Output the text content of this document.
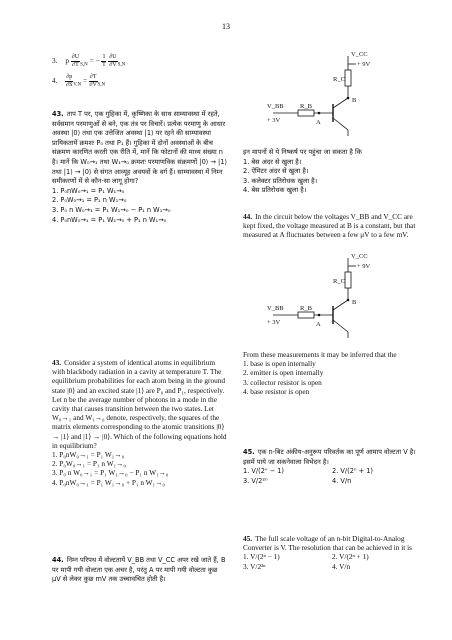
13
3. p $\frac{\partial U}{\partial T} _{S,N}$ = − $\frac{1}{T}$
$\frac{\partial U}{\partial V} _{S,N}$
4. $\frac{\partial p}{\partial S} _{V,N} = \frac{\partial T}{\partial V} _{S,N}$

43. ताप T पर, एक गुहिका में, कृष्णिका के साथ साम्यावस्था में रहते, सर्वसमान परमाणुओं से बने, एक तंत्र पर विचारें। प्रत्येक परमाणु के आधार अवस्था |0⟩ तथा एक उत्तेजित अवस्था |1⟩ पर रहने की साम्यावस्था प्रायिकतायें क्रमशः P₀ तथा P₁ हैं। गुहिका में दोनों अवस्थाओं के बीच संक्रमण कारणित करती एक रीति में, मानें कि फोटानों की माध्य संख्या n है। मानें कि W₀→₁ तथा W₁→₀ क्रमशः परमाणविक संक्रमणों |0⟩ → |1⟩ तथा |1⟩ → |0⟩ से संगत आव्यूह अवयवों के वर्ग हैं। साम्यावस्था में निम्न समीकरणों में से कौन-सा लागू होगा?

1. P₀nW₀→₁ = P₁ W₁→₀

2. P₀W₀→₁ = P₁ n W₁→₀

3. P₀ n W₀→₁ = P₁ W₁→₀ − P₁ n W₁→₀

4. P₀nW₀→₁ = P₁ W₁→₀ + P₁ n W₁→₀

43. Consider a system of identical atoms in equilibrium with blackbody radiation in a cavity at temperature T. The equilibrium probabilities for each atom being in the ground state |0⟩ and an excited state |1⟩ are P₀ and P₁, respectively. Let n be the average number of photons in a mode in the cavity that causes transition between the two states. Let W₀→₁ and W₁→₀ denote, respectively, the squares of the matrix elements corresponding to the atomic transitions |0⟩ → |1⟩ and |1⟩ → |0⟩. Which of the following equations hold in equilibrium?

1. P₀nW₀→₁ = P₁ W₁→₀

2. P₀W₀→₁ = P₁ n W₁→₀

3. P₀ n W₀→₁ = P₁ W₁→₀ − P₁ n W₁→₀

4. P₀nW₀→₁ = P₁ W₁→₀ + P₁ n W₁→₀

44. निम्न परिपथ में वोल्टतायें V_BB तथा V_CC अपर रखे जाते हैं, B पर मापी गयी वोल्टता एक अचर है, परंतु A पर मापी गयी वोल्टता कुछ μV से लेकर कुछ mV तक उच्चावचित होती है।

V_CC
+ 9V
R_C
B
V_BB	R_B
+ 3V	A

इन मापनों से ये निष्कर्ष पर पहुंचा जा सकता है कि

1. बेस अंदर से खुला है।

2. ऐमिटर अंदर से खुला है।

3. कलेक्टर प्रतिरोधक खुला है।

4. बेस प्रतिरोधक खुला है।

44. In the circuit below the voltages V_BB and V_CC are kept fixed, the voltage measured at B is a constant, but that measured at A fluctuates between a few μV to a few mV.

V_CC
+ 9V
R_C
B
V_BB	R_B
+ 3V	A

From these measurements it may be inferred that the

1. base is open internally

2. emitter is open internally

3. collector resistor is open

4. base resistor is open

45. एक n-बिट अंकीय-अनुरूप परिवर्तक का पूर्ण आमाप वोल्टता V है। इसमें पाये जा सकनेवाला विभेदन है।

1. V/(2ⁿ − 1)	2. V/(2ⁿ + 1)
3. V/2²ⁿ	4. V/n

45. The full scale voltage of an n-bit Digital-to-Analog Converter is V. The resolution that can be achieved in it is

1. V/(2ⁿ − 1)	2. V/(2ⁿ + 1)
3. V/2²ⁿ	4. V/n
